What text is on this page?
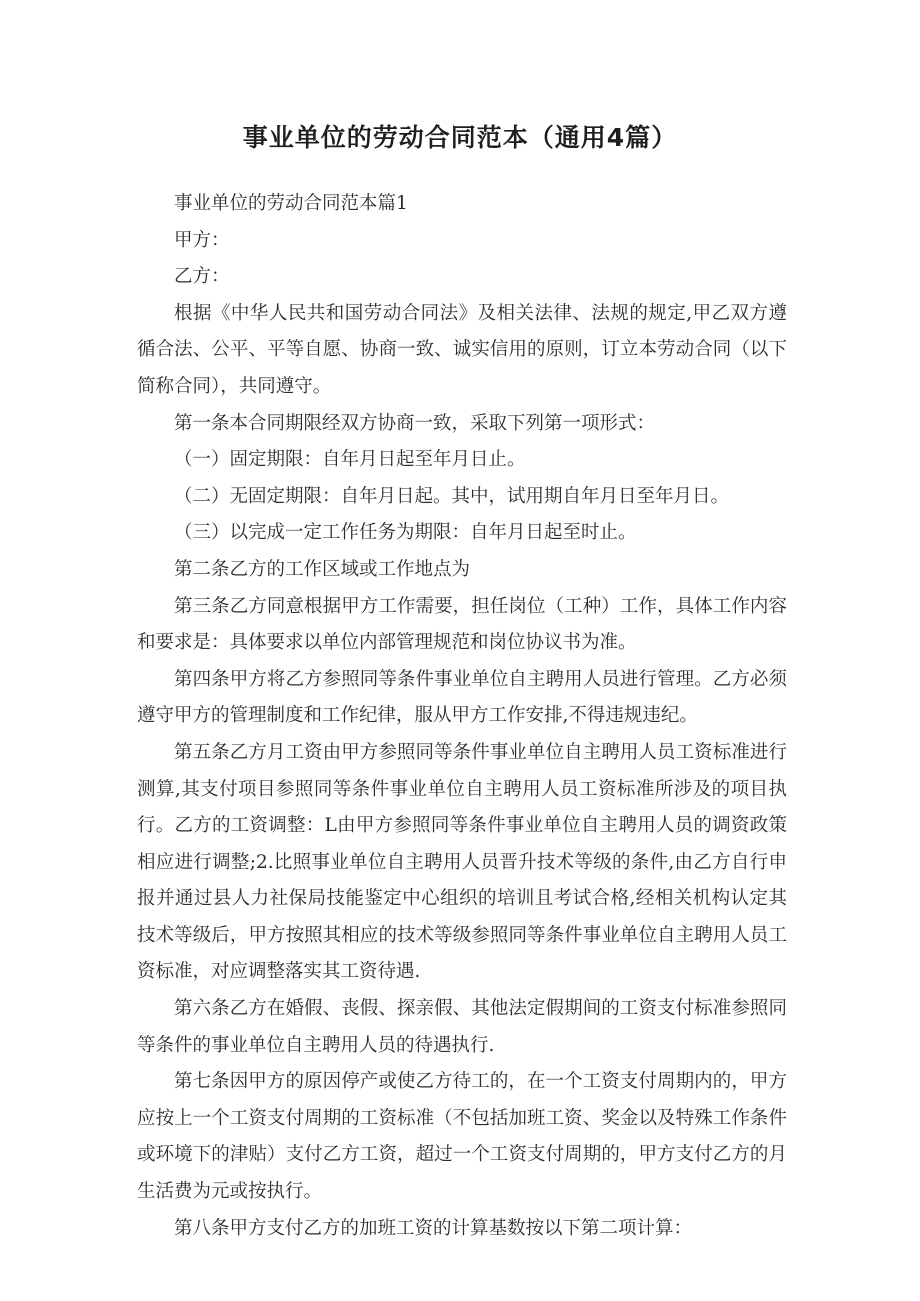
事业单位的劳动合同范本（通用4篇）

事业单位的劳动合同范本篇1

甲方：

乙方：

根据《中华人民共和国劳动合同法》及相关法律、法规的规定,甲乙双方遵循合法、公平、平等自愿、协商一致、诚实信用的原则，订立本劳动合同（以下简称合同），共同遵守。

第一条本合同期限经双方协商一致，采取下列第一项形式：

（一）固定期限：自年月日起至年月日止。

（二）无固定期限：自年月日起。其中，试用期自年月日至年月日。

（三）以完成一定工作任务为期限：自年月日起至时止。

第二条乙方的工作区域或工作地点为

第三条乙方同意根据甲方工作需要，担任岗位（工种）工作，具体工作内容和要求是：具体要求以单位内部管理规范和岗位协议书为准。

第四条甲方将乙方参照同等条件事业单位自主聘用人员进行管理。乙方必须遵守甲方的管理制度和工作纪律，服从甲方工作安排,不得违规违纪。

第五条乙方月工资由甲方参照同等条件事业单位自主聘用人员工资标准进行测算,其支付项目参照同等条件事业单位自主聘用人员工资标准所涉及的项目执行。乙方的工资调整：L由甲方参照同等条件事业单位自主聘用人员的调资政策相应进行调整;2.比照事业单位自主聘用人员晋升技术等级的条件,由乙方自行申报并通过县人力社保局技能鉴定中心组织的培训且考试合格,经相关机构认定其技术等级后，甲方按照其相应的技术等级参照同等条件事业单位自主聘用人员工资标准，对应调整落实其工资待遇.

第六条乙方在婚假、丧假、探亲假、其他法定假期间的工资支付标准参照同等条件的事业单位自主聘用人员的待遇执行.

第七条因甲方的原因停产或使乙方待工的，在一个工资支付周期内的，甲方应按上一个工资支付周期的工资标准（不包括加班工资、奖金以及特殊工作条件或环境下的津贴）支付乙方工资，超过一个工资支付周期的，甲方支付乙方的月生活费为元或按执行。

第八条甲方支付乙方的加班工资的计算基数按以下第二项计算：
